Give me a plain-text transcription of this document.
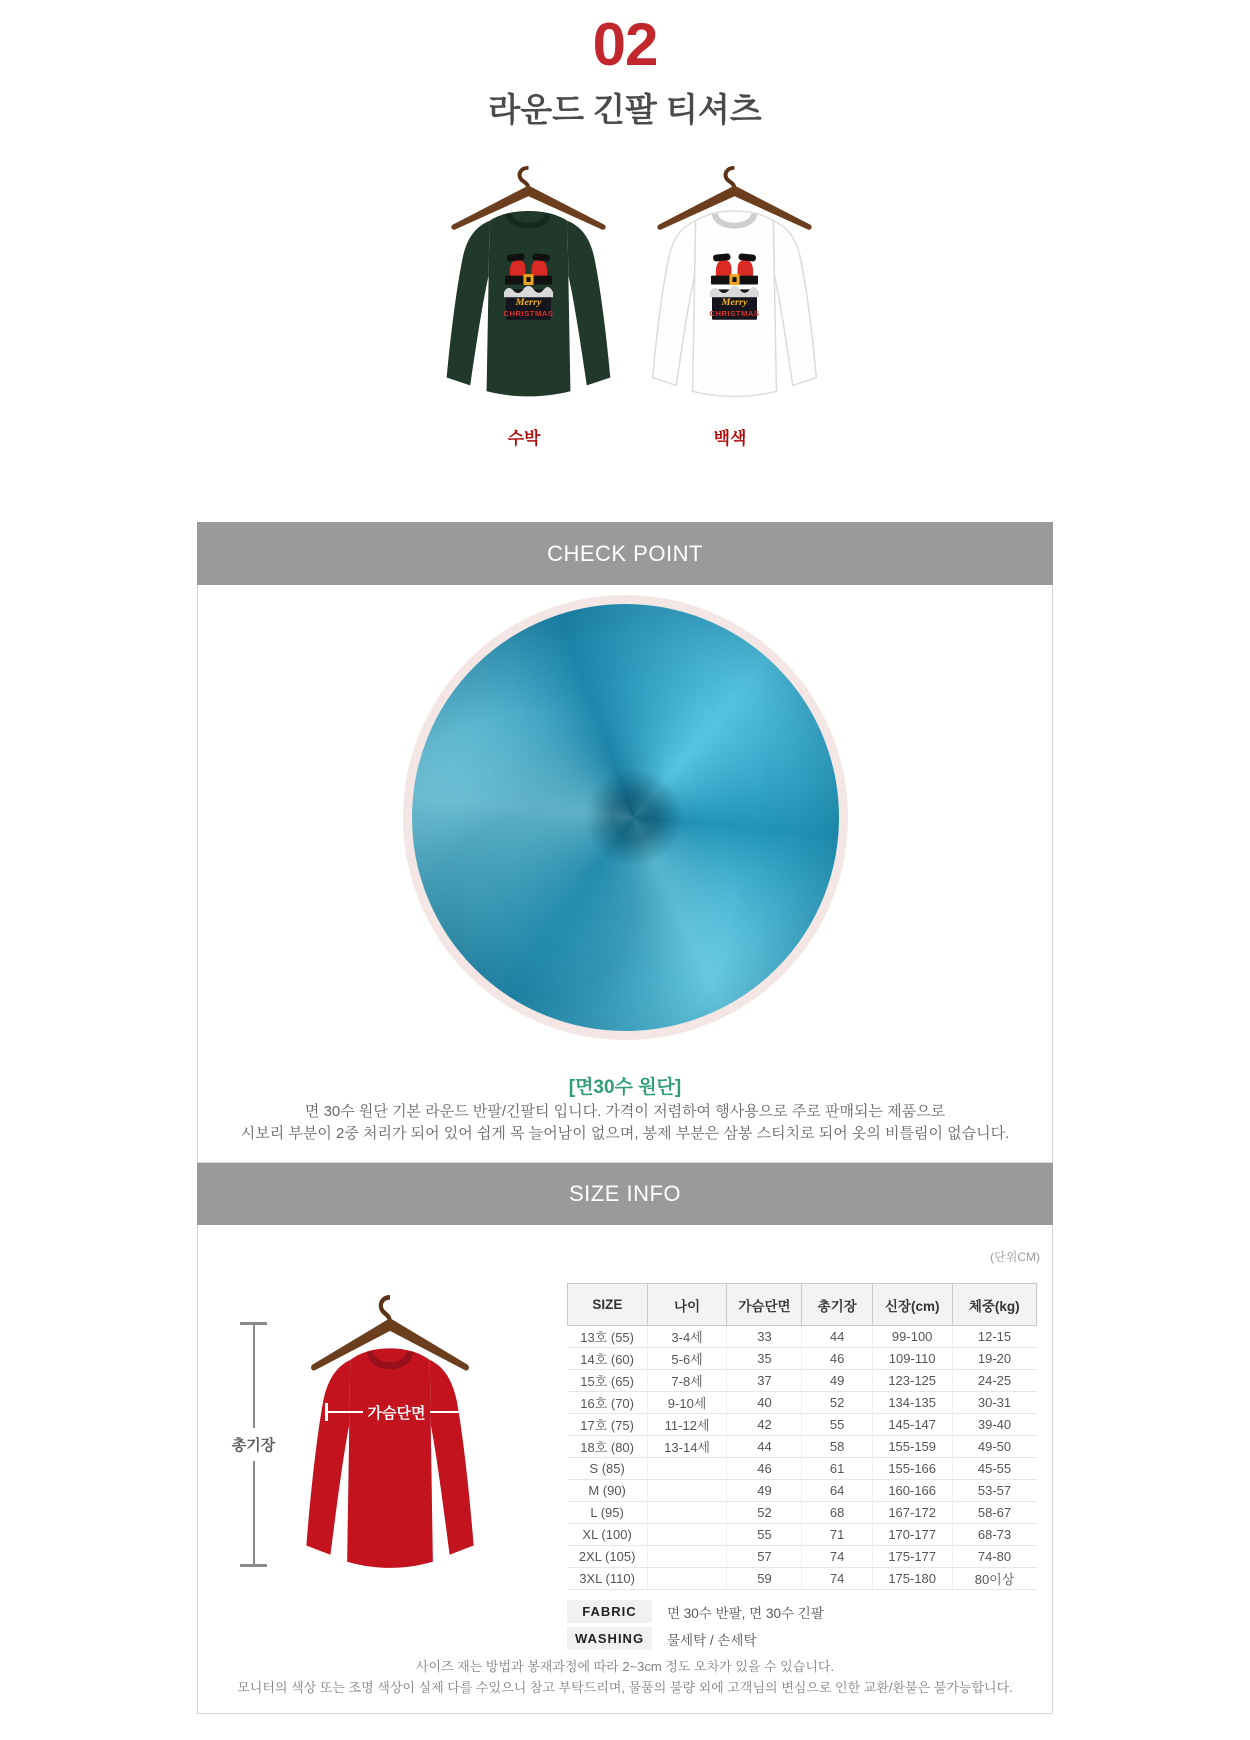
02
라운드 긴팔 티셔츠
Merry
CHRISTMAS
Merry
CHRISTMAS
수박	백색
CHECK POINT
[면30수 원단]
면 30수 원단 기본 라운드 반팔/긴팔티 입니다. 가격이 저렴하여 행사용으로 주로 판매되는 제품으로
시보리 부분이 2중 처리가 되어 있어 쉽게 목 늘어남이 없으며, 봉제 부분은 삼봉 스티치로 되어 옷의 비틀림이 없습니다.
SIZE INFO
(단위CM)
총기장
가슴단면
SIZE	나이	가슴단면	총기장	신장(cm)	체중(kg)
13호 (55)	3-4세	33	44	99-100	12-15
14호 (60)	5-6세	35	46	109-110	19-20
15호 (65)	7-8세	37	49	123-125	24-25
16호 (70)	9-10세	40	52	134-135	30-31
17호 (75)	11-12세	42	55	145-147	39-40
18호 (80)	13-14세	44	58	155-159	49-50
S (85)		46	61	155-166	45-55
M (90)		49	64	160-166	53-57
L (95)		52	68	167-172	58-67
XL (100)		55	71	170-177	68-73
2XL (105)		57	74	175-177	74-80
3XL (110)		59	74	175-180	80이상
FABRIC	면 30수 반팔, 면 30수 긴팔
WASHING	물세탁 / 손세탁
사이즈 재는 방법과 봉재과정에 따라 2~3cm 정도 오차가 있을 수 있습니다.
모니터의 색상 또는 조명 색상이 실제 다를 수있으니 참고 부탁드리며, 물품의 불량 외에 고객님의 변심으로 인한 교환/환불은 불가능합니다.
